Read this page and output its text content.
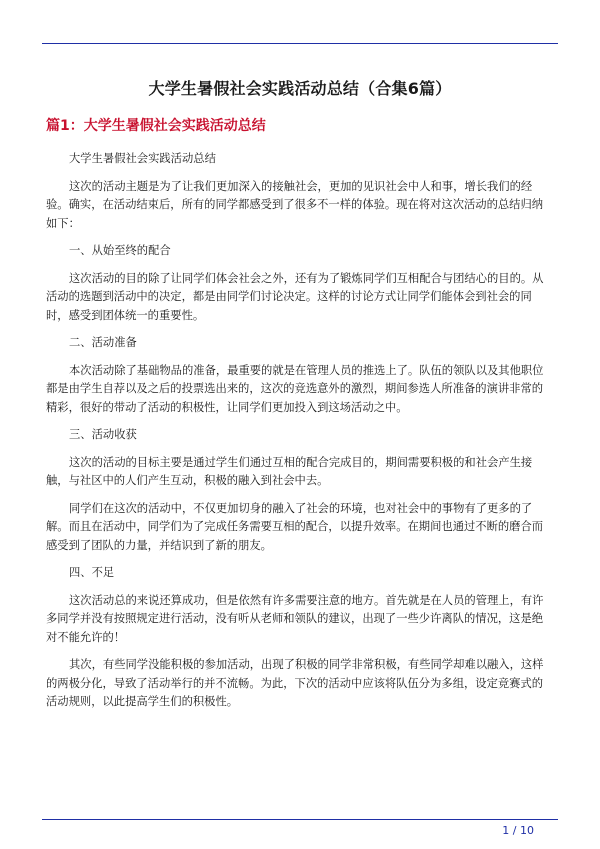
大学生暑假社会实践活动总结（合集6篇）
篇1：大学生暑假社会实践活动总结

大学生暑假社会实践活动总结

这次的活动主题是为了让我们更加深入的接触社会，更加的见识社会中人和事，增长我们的经验。确实，在活动结束后，所有的同学都感受到了很多不一样的体验。现在将对这次活动的总结归纳如下：

一、从始至终的配合

这次活动的目的除了让同学们体会社会之外，还有为了锻炼同学们互相配合与团结心的目的。从活动的选题到活动中的决定，都是由同学们讨论决定。这样的讨论方式让同学们能体会到社会的同时，感受到团体统一的重要性。

二、活动准备

本次活动除了基础物品的准备，最重要的就是在管理人员的推选上了。队伍的领队以及其他职位都是由学生自荐以及之后的投票选出来的，这次的竞选意外的激烈，期间参选人所准备的演讲非常的精彩，很好的带动了活动的积极性，让同学们更加投入到这场活动之中。

三、活动收获

这次的活动的目标主要是通过学生们通过互相的配合完成目的，期间需要积极的和社会产生接触，与社区中的人们产生互动，积极的融入到社会中去。

同学们在这次的活动中，不仅更加切身的融入了社会的环境，也对社会中的事物有了更多的了解。而且在活动中，同学们为了完成任务需要互相的配合，以提升效率。在期间也通过不断的磨合而感受到了团队的力量，并结识到了新的朋友。

四、不足

这次活动总的来说还算成功，但是依然有许多需要注意的地方。首先就是在人员的管理上，有许多同学并没有按照规定进行活动，没有听从老师和领队的建议，出现了一些少许离队的情况，这是绝对不能允许的！

其次，有些同学没能积极的参加活动，出现了积极的同学非常积极，有些同学却难以融入，这样的两极分化，导致了活动举行的并不流畅。为此，下次的活动中应该将队伍分为多组，设定竞赛式的活动规则，以此提高学生们的积极性。

1 / 10
